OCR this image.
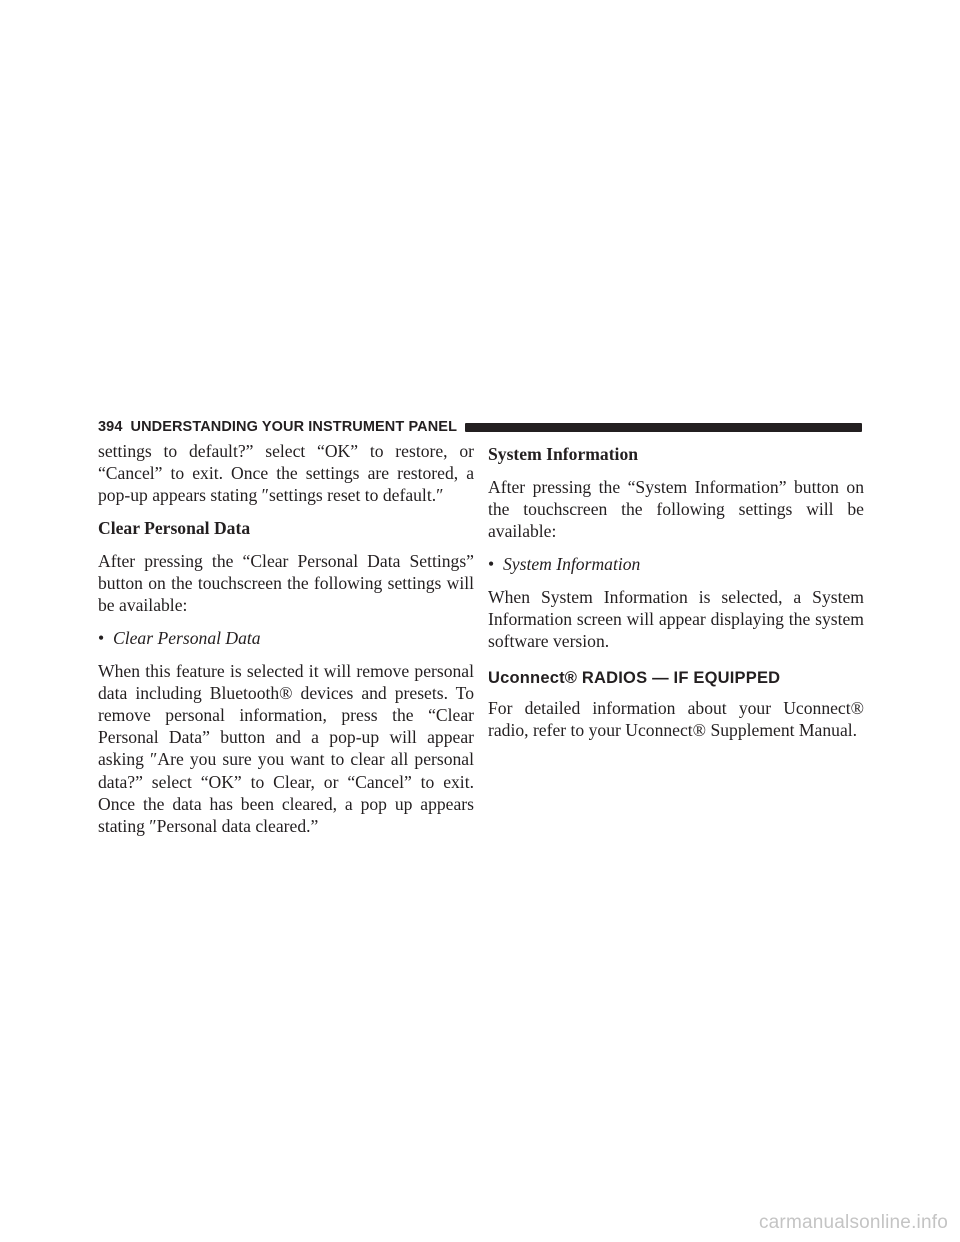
394 UNDERSTANDING YOUR INSTRUMENT PANEL

settings to default?” select “OK” to restore, or “Cancel” to exit. Once the settings are restored, a pop-up appears stating ″settings reset to default.″

Clear Personal Data

After pressing the “Clear Personal Data Settings” button on the touchscreen the following settings will be available:

• Clear Personal Data

When this feature is selected it will remove personal data including Bluetooth® devices and presets. To remove personal information, press the “Clear Personal Data” button and a pop-up will appear asking ″Are you sure you want to clear all personal data?” select “OK” to Clear, or “Cancel” to exit. Once the data has been cleared, a pop up appears stating ″Personal data cleared.”

System Information

After pressing the “System Information” button on the touchscreen the following settings will be available:

• System Information

When System Information is selected, a System Information screen will appear displaying the system software version.

Uconnect® RADIOS — IF EQUIPPED

For detailed information about your Uconnect® radio, refer to your Uconnect® Supplement Manual.

carmanualsonline.info
